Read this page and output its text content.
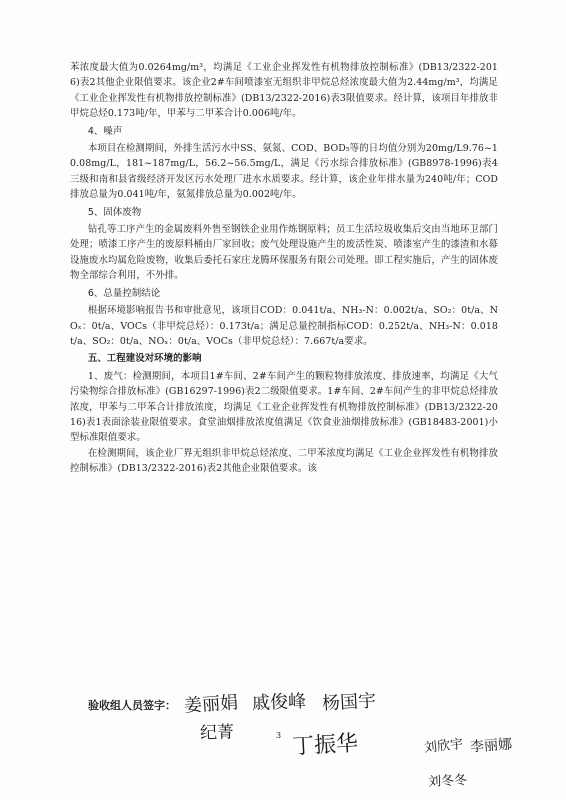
苯浓度最大值为0.0264mg/m³，均满足《工业企业挥发性有机物排放控制标准》(DB13/2322-2016)表2其他企业限值要求。该企业2#车间喷漆室无组织非甲烷总烃浓度最大值为2.44mg/m³，均满足《工业企业挥发性有机物排放控制标准》(DB13/2322-2016)表3限值要求。经计算，该项目年排放非甲烷总烃0.173吨/年，甲苯与二甲苯合计0.006吨/年。

4、噪声

本项目在检测期间，外排生活污水中SS、氨氮、COD、BOD₅等的日均值分别为20mg/L9.76~10.08mg/L，181~187mg/L，56.2~56.5mg/L，满足《污水综合排放标准》(GB8978-1996)表4三级和南和县省级经济开发区污水处理厂进水水质要求。经计算，该企业年排水量为240吨/年；COD排放总量为0.041吨/年，氨氮排放总量为0.002吨/年。

5、固体废物

钻孔等工序产生的金属废料外售至钢铁企业用作炼钢原料；员工生活垃圾收集后交由当地环卫部门处理；喷漆工序产生的废原料桶由厂家回收；废气处理设施产生的废活性炭、喷漆室产生的漆渣和水幕设施废水均属危险废物，收集后委托石家庄龙腾环保服务有限公司处理。即工程实施后，产生的固体废物全部综合利用，不外排。

6、总量控制结论

根据环境影响报告书和审批意见，该项目COD：0.041t/a、NH₃-N：0.002t/a、SO₂：0t/a、NOₓ：0t/a、VOCs（非甲烷总烃）：0.173t/a；满足总量控制指标COD：0.252t/a、NH₃-N：0.018t/a、SO₂：0t/a、NOₓ：0t/a、VOCs（非甲烷总烃）：7.667t/a要求。

五、工程建设对环境的影响

1、废气：检测期间，本项目1#车间、2#车间产生的颗粒物排放浓度、排放速率，均满足《大气污染物综合排放标准》(GB16297-1996)表2二级限值要求。1#车间、2#车间产生的非甲烷总烃排放浓度，甲苯与二甲苯合计排放浓度，均满足《工业企业挥发性有机物排放控制标准》(DB13/2322-2016)表1表面涂装业限值要求。食堂油烟排放浓度值满足《饮食业油烟排放标准》(GB18483-2001)小型标准限值要求。

在检测期间，该企业厂界无组织非甲烷总烃浓度、二甲苯浓度均满足《工业企业挥发性有机物排放控制标准》(DB13/2322-2016)表2其他企业限值要求。该

验收组人员签字：
3
姜丽娟 戚俊峰 杨国宇
纪菁	丁振华	刘欣宇 李丽娜
刘冬冬
